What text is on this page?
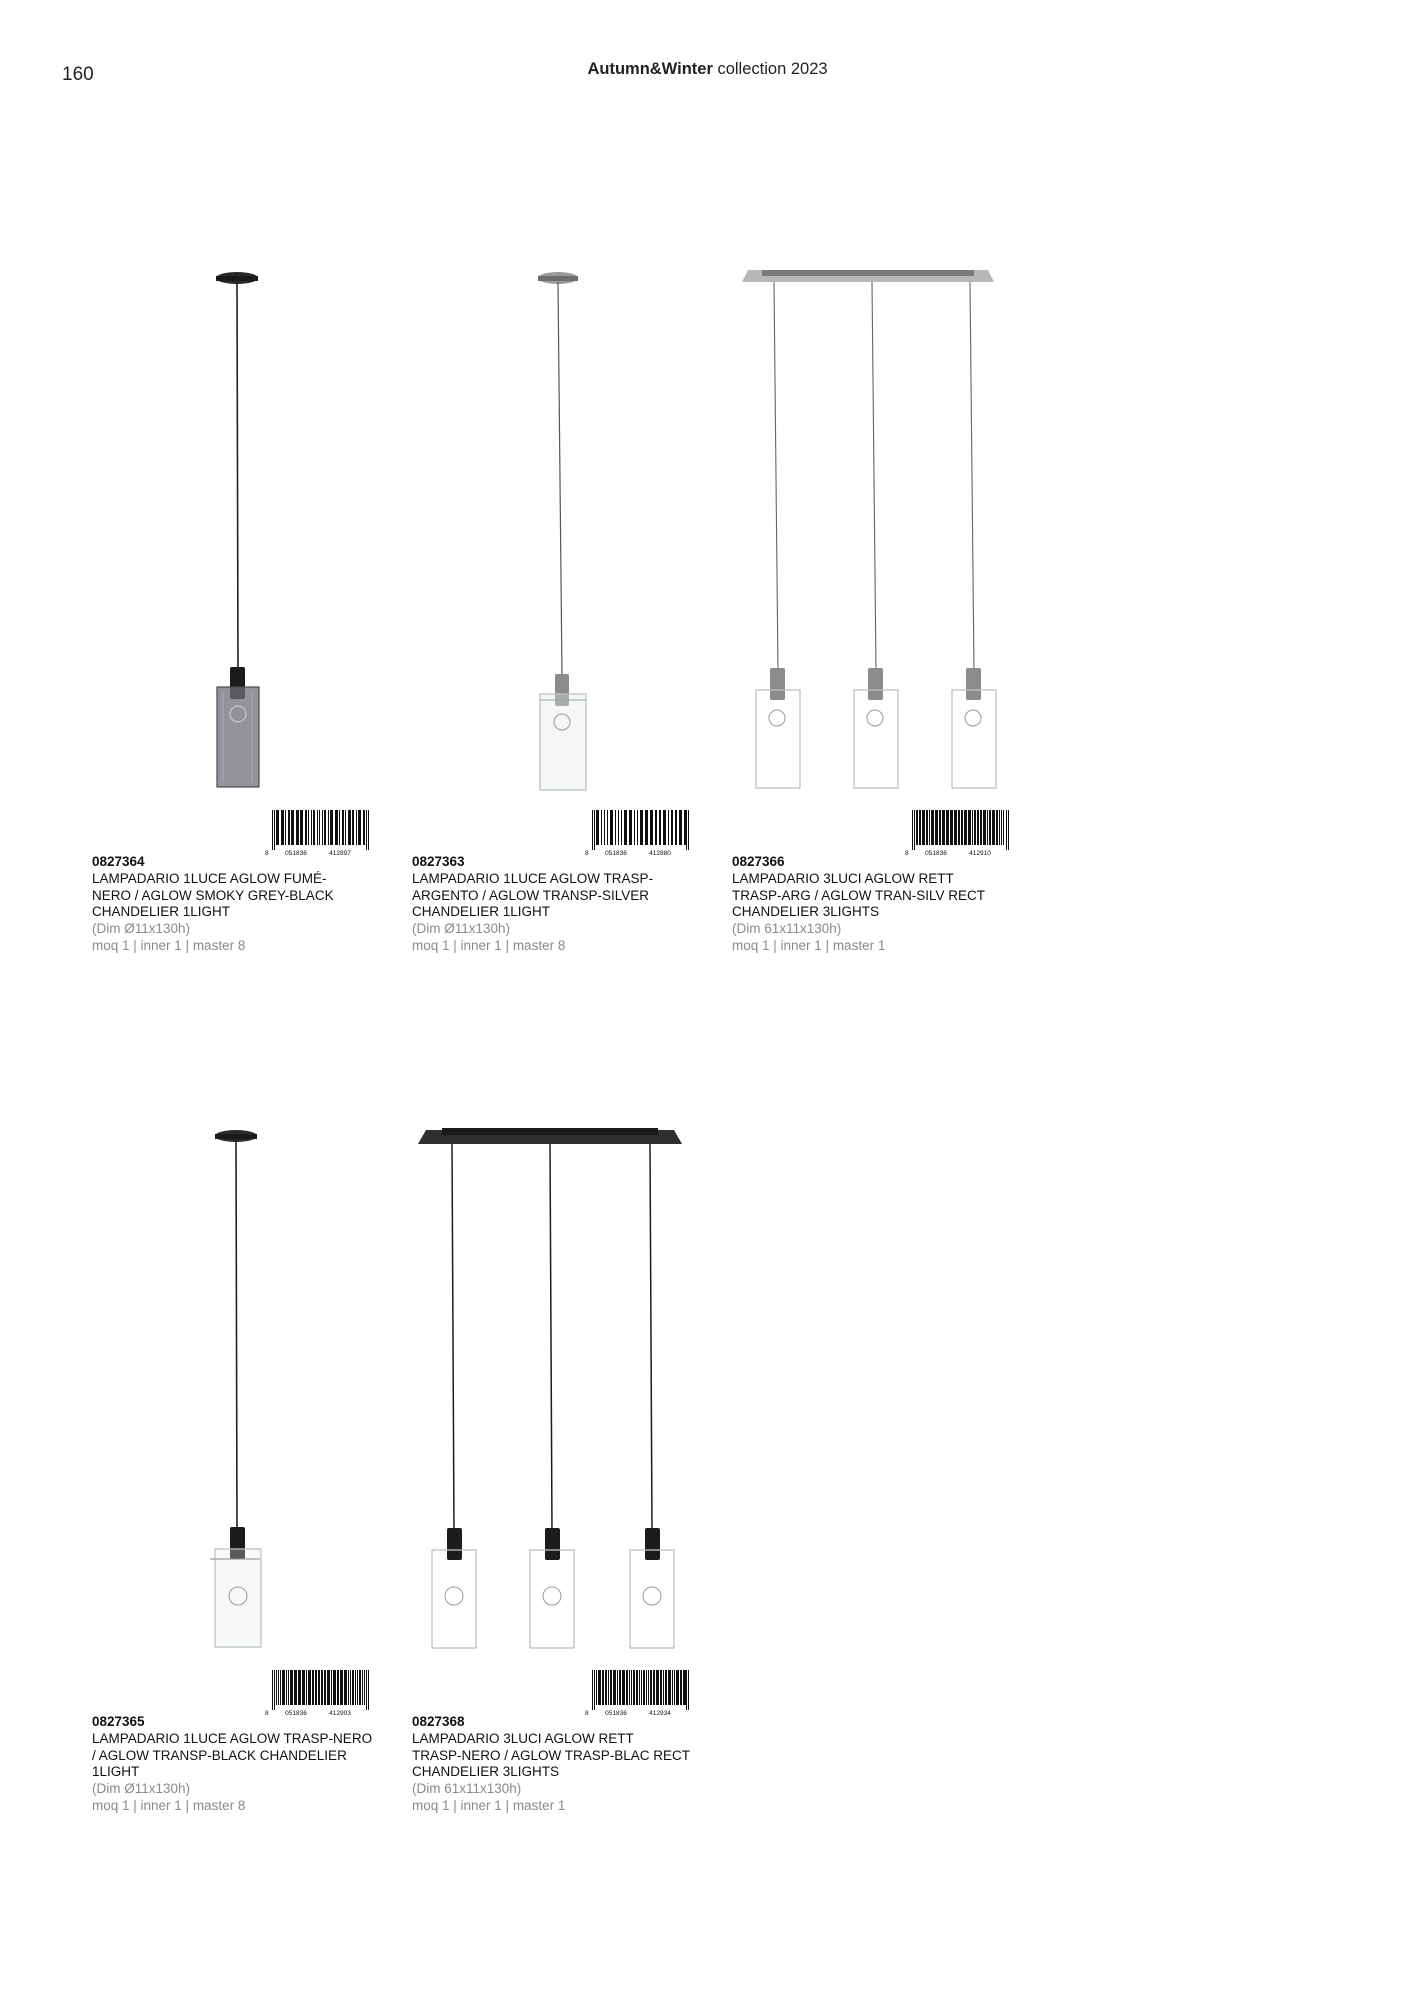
160	Autumn&Winter collection 2023
8	051836	412897
0827364
LAMPADARIO 1LUCE AGLOW FUMÉ-
NERO / AGLOW SMOKY GREY-BLACK
CHANDELIER 1LIGHT
(Dim Ø11x130h)
moq 1 | inner 1 | master 8
8	051836	412880
0827363
LAMPADARIO 1LUCE AGLOW TRASP-
ARGENTO / AGLOW TRANSP-SILVER
CHANDELIER 1LIGHT
(Dim Ø11x130h)
moq 1 | inner 1 | master 8
8	051836	412910
0827366
LAMPADARIO 3LUCI AGLOW RETT
TRASP-ARG / AGLOW TRAN-SILV RECT
CHANDELIER 3LIGHTS
(Dim 61x11x130h)
moq 1 | inner 1 | master 1
8	051836	412903
0827365
LAMPADARIO 1LUCE AGLOW TRASP-NERO
/ AGLOW TRANSP-BLACK CHANDELIER
1LIGHT
(Dim Ø11x130h)
moq 1 | inner 1 | master 8
8	051836	412934
0827368
LAMPADARIO 3LUCI AGLOW RETT
TRASP-NERO / AGLOW TRASP-BLAC RECT
CHANDELIER 3LIGHTS
(Dim 61x11x130h)
moq 1 | inner 1 | master 1
